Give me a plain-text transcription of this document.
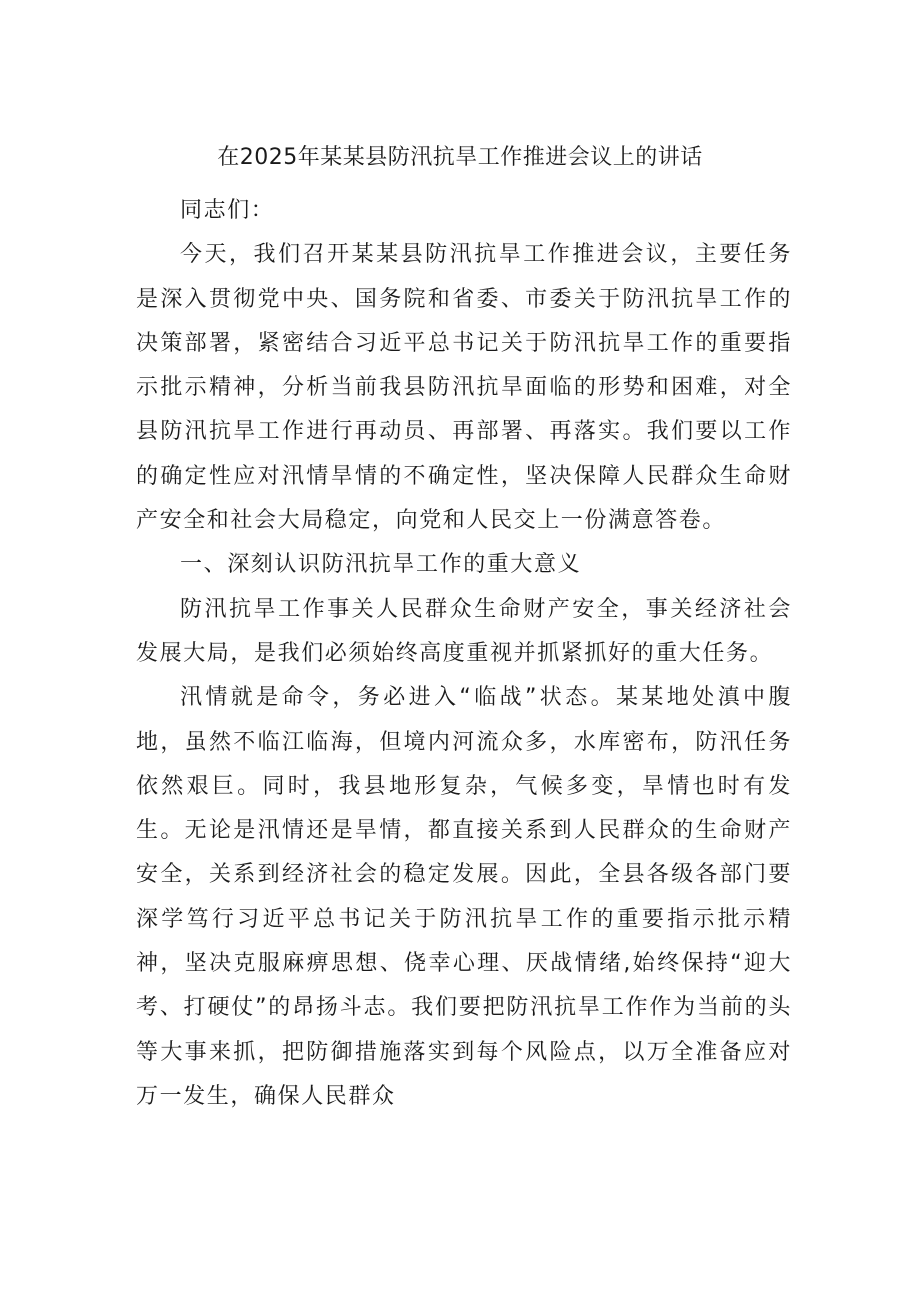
在2025年某某县防汛抗旱工作推进会议上的讲话

同志们：

今天，我们召开某某县防汛抗旱工作推进会议，主要任务是深入贯彻党中央、国务院和省委、市委关于防汛抗旱工作的决策部署，紧密结合习近平总书记关于防汛抗旱工作的重要指示批示精神，分析当前我县防汛抗旱面临的形势和困难，对全县防汛抗旱工作进行再动员、再部署、再落实。我们要以工作的确定性应对汛情旱情的不确定性，坚决保障人民群众生命财产安全和社会大局稳定，向党和人民交上一份满意答卷。

一、深刻认识防汛抗旱工作的重大意义

防汛抗旱工作事关人民群众生命财产安全，事关经济社会发展大局，是我们必须始终高度重视并抓紧抓好的重大任务。

汛情就是命令，务必进入“临战”状态。某某地处滇中腹地，虽然不临江临海，但境内河流众多，水库密布，防汛任务依然艰巨。同时，我县地形复杂，气候多变，旱情也时有发生。无论是汛情还是旱情，都直接关系到人民群众的生命财产安全，关系到经济社会的稳定发展。因此，全县各级各部门要深学笃行习近平总书记关于防汛抗旱工作的重要指示批示精神，坚决克服麻痹思想、侥幸心理、厌战情绪,始终保持“迎大考、打硬仗”的昂扬斗志。我们要把防汛抗旱工作作为当前的头等大事来抓，把防御措施落实到每个风险点，以万全准备应对万一发生，确保人民群众
